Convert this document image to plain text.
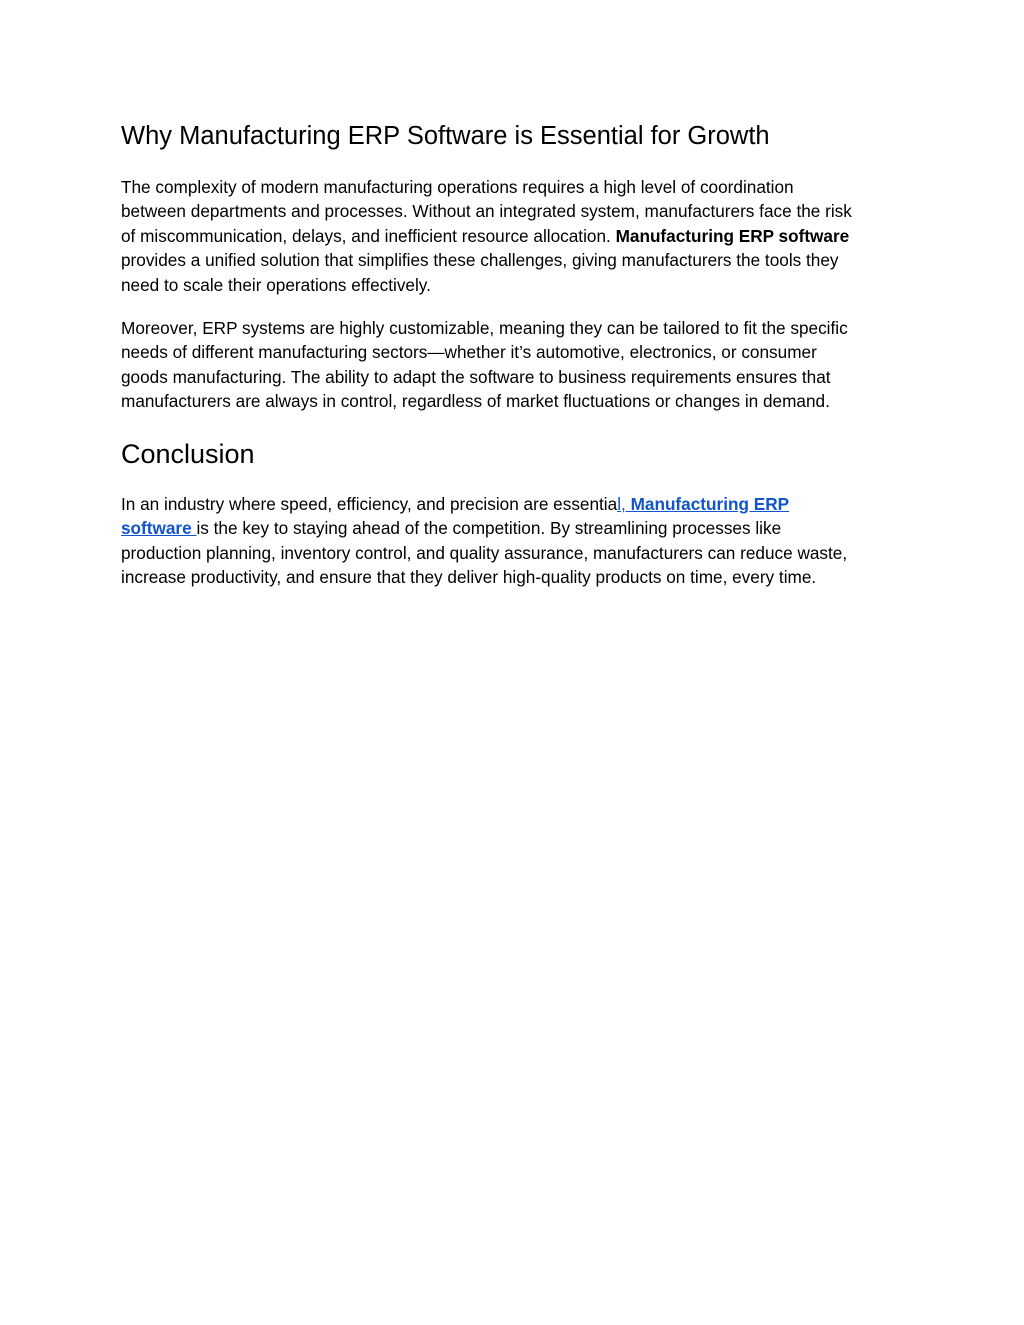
Why Manufacturing ERP Software is Essential for Growth

The complexity of modern manufacturing operations requires a high level of coordination
between departments and processes. Without an integrated system, manufacturers face the risk
of miscommunication, delays, and inefficient resource allocation. Manufacturing ERP software
provides a unified solution that simplifies these challenges, giving manufacturers the tools they
need to scale their operations effectively.

Moreover, ERP systems are highly customizable, meaning they can be tailored to fit the specific
needs of different manufacturing sectors—whether it’s automotive, electronics, or consumer
goods manufacturing. The ability to adapt the software to business requirements ensures that
manufacturers are always in control, regardless of market fluctuations or changes in demand.

Conclusion

In an industry where speed, efficiency, and precision are essential, Manufacturing ERP
software is the key to staying ahead of the competition. By streamlining processes like
production planning, inventory control, and quality assurance, manufacturers can reduce waste,
increase productivity, and ensure that they deliver high-quality products on time, every time.
